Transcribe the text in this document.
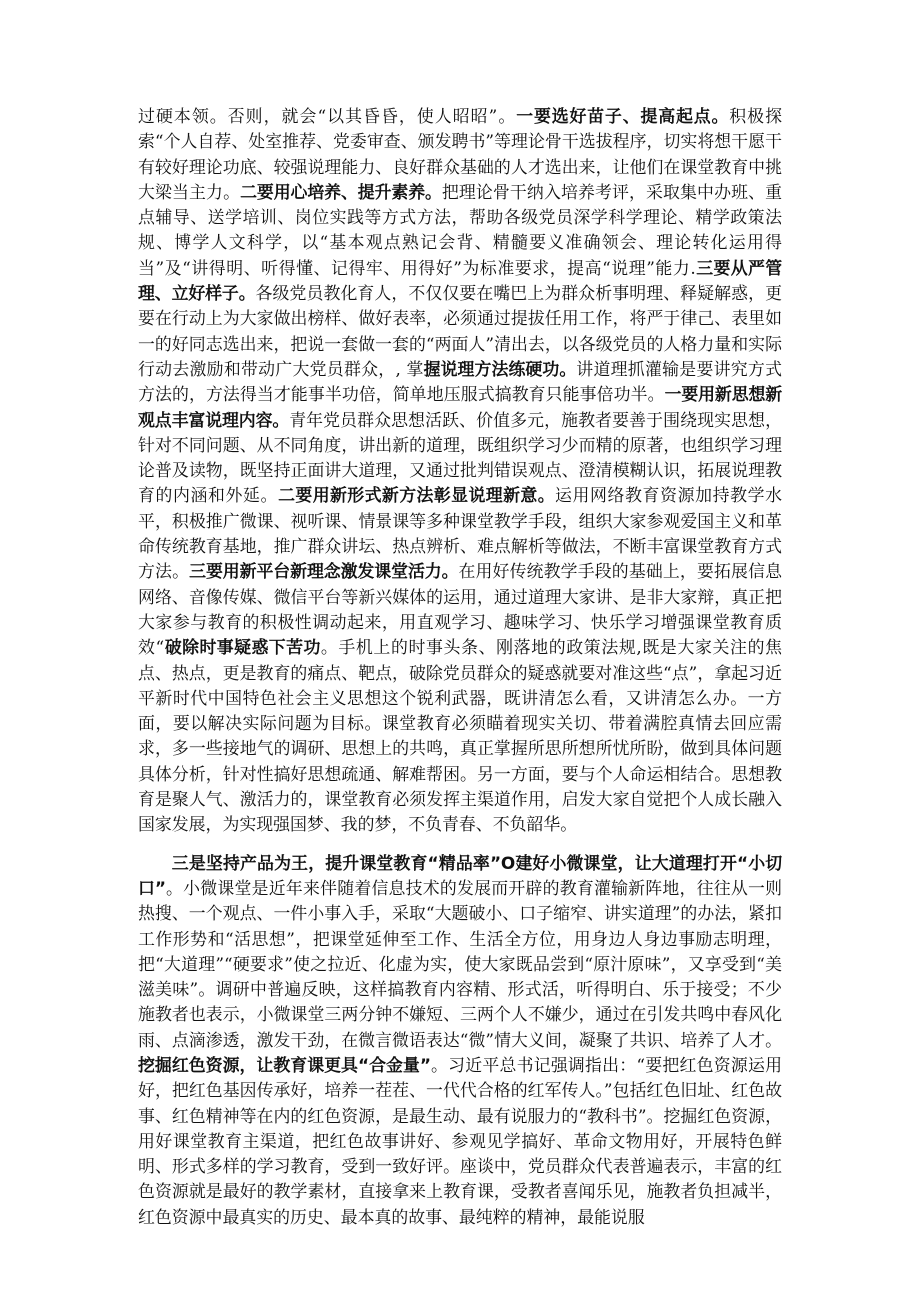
过硬本领。否则，就会“以其昏昏，使人昭昭”。一要选好苗子、提高起点。积极探索“个人自荐、处室推荐、党委审查、颁发聘书”等理论骨干选拔程序，切实将想干愿干有较好理论功底、较强说理能力、良好群众基础的人才选出来，让他们在课堂教育中挑大梁当主力。二要用心培养、提升素养。把理论骨干纳入培养考评，采取集中办班、重点辅导、送学培训、岗位实践等方式方法，帮助各级党员深学科学理论、精学政策法规、博学人文科学，以“基本观点熟记会背、精髓要义准确领会、理论转化运用得当”及“讲得明、听得懂、记得牢、用得好”为标准要求，提高“说理”能力.三要从严管理、立好样子。各级党员教化育人，不仅仅要在嘴巴上为群众析事明理、释疑解惑，更要在行动上为大家做出榜样、做好表率，必须通过提拔任用工作，将严于律己、表里如一的好同志选出来，把说一套做一套的“两面人”清出去，以各级党员的人格力量和实际行动去激励和带动广大党员群众，, 掌握说理方法练硬功。讲道理抓灌输是要讲究方式方法的，方法得当才能事半功倍，简单地压服式搞教育只能事倍功半。一要用新思想新观点丰富说理内容。青年党员群众思想活跃、价值多元，施教者要善于围绕现实思想，针对不同问题、从不同角度，讲出新的道理，既组织学习少而精的原著，也组织学习理论普及读物，既坚持正面讲大道理，又通过批判错误观点、澄清模糊认识，拓展说理教育的内涵和外延。二要用新形式新方法彰显说理新意。运用网络教育资源加持教学水平，积极推广微课、视听课、情景课等多种课堂教学手段，组织大家参观爱国主义和革命传统教育基地，推广群众讲坛、热点辨析、难点解析等做法，不断丰富课堂教育方式方法。三要用新平台新理念激发课堂活力。在用好传统教学手段的基础上，要拓展信息网络、音像传媒、微信平台等新兴媒体的运用，通过道理大家讲、是非大家辩，真正把大家参与教育的积极性调动起来，用直观学习、趣味学习、快乐学习增强课堂教育质效“破除时事疑惑下苦功。手机上的时事头条、刚落地的政策法规,既是大家关注的焦点、热点，更是教育的痛点、靶点，破除党员群众的疑惑就要对准这些“点”，拿起习近平新时代中国特色社会主义思想这个锐利武器，既讲清怎么看，又讲清怎么办。一方面，要以解决实际问题为目标。课堂教育必须瞄着现实关切、带着满腔真情去回应需求，多一些接地气的调研、思想上的共鸣，真正掌握所思所想所忧所盼，做到具体问题具体分析，针对性搞好思想疏通、解难帮困。另一方面，要与个人命运相结合。思想教育是聚人气、激活力的，课堂教育必须发挥主渠道作用，启发大家自觉把个人成长融入国家发展，为实现强国梦、我的梦，不负青春、不负韶华。

三是坚持产品为王，提升课堂教育“精品率”O建好小微课堂，让大道理打开“小切口”。小微课堂是近年来伴随着信息技术的发展而开辟的教育灌输新阵地，往往从一则热搜、一个观点、一件小事入手，采取“大题破小、口子缩窄、讲实道理”的办法，紧扣工作形势和“活思想”，把课堂延伸至工作、生活全方位，用身边人身边事励志明理，把“大道理”“硬要求”使之拉近、化虚为实，使大家既品尝到“原汁原味”，又享受到“美滋美味”。调研中普遍反映，这样搞教育内容精、形式活，听得明白、乐于接受；不少施教者也表示，小微课堂三两分钟不嫌短、三两个人不嫌少，通过在引发共鸣中春风化雨、点滴渗透，激发干劲，在微言微语表达“微”情大义间，凝聚了共识、培养了人才。挖掘红色资源，让教育课更具“合金量”。习近平总书记强调指出：“要把红色资源运用好，把红色基因传承好，培养一茬茬、一代代合格的红军传人。”包括红色旧址、红色故事、红色精神等在内的红色资源，是最生动、最有说服力的“教科书”。挖掘红色资源，用好课堂教育主渠道，把红色故事讲好、参观见学搞好、革命文物用好，开展特色鲜明、形式多样的学习教育，受到一致好评。座谈中，党员群众代表普遍表示，丰富的红色资源就是最好的教学素材，直接拿来上教育课，受教者喜闻乐见，施教者负担减半，红色资源中最真实的历史、最本真的故事、最纯粹的精神，最能说服
